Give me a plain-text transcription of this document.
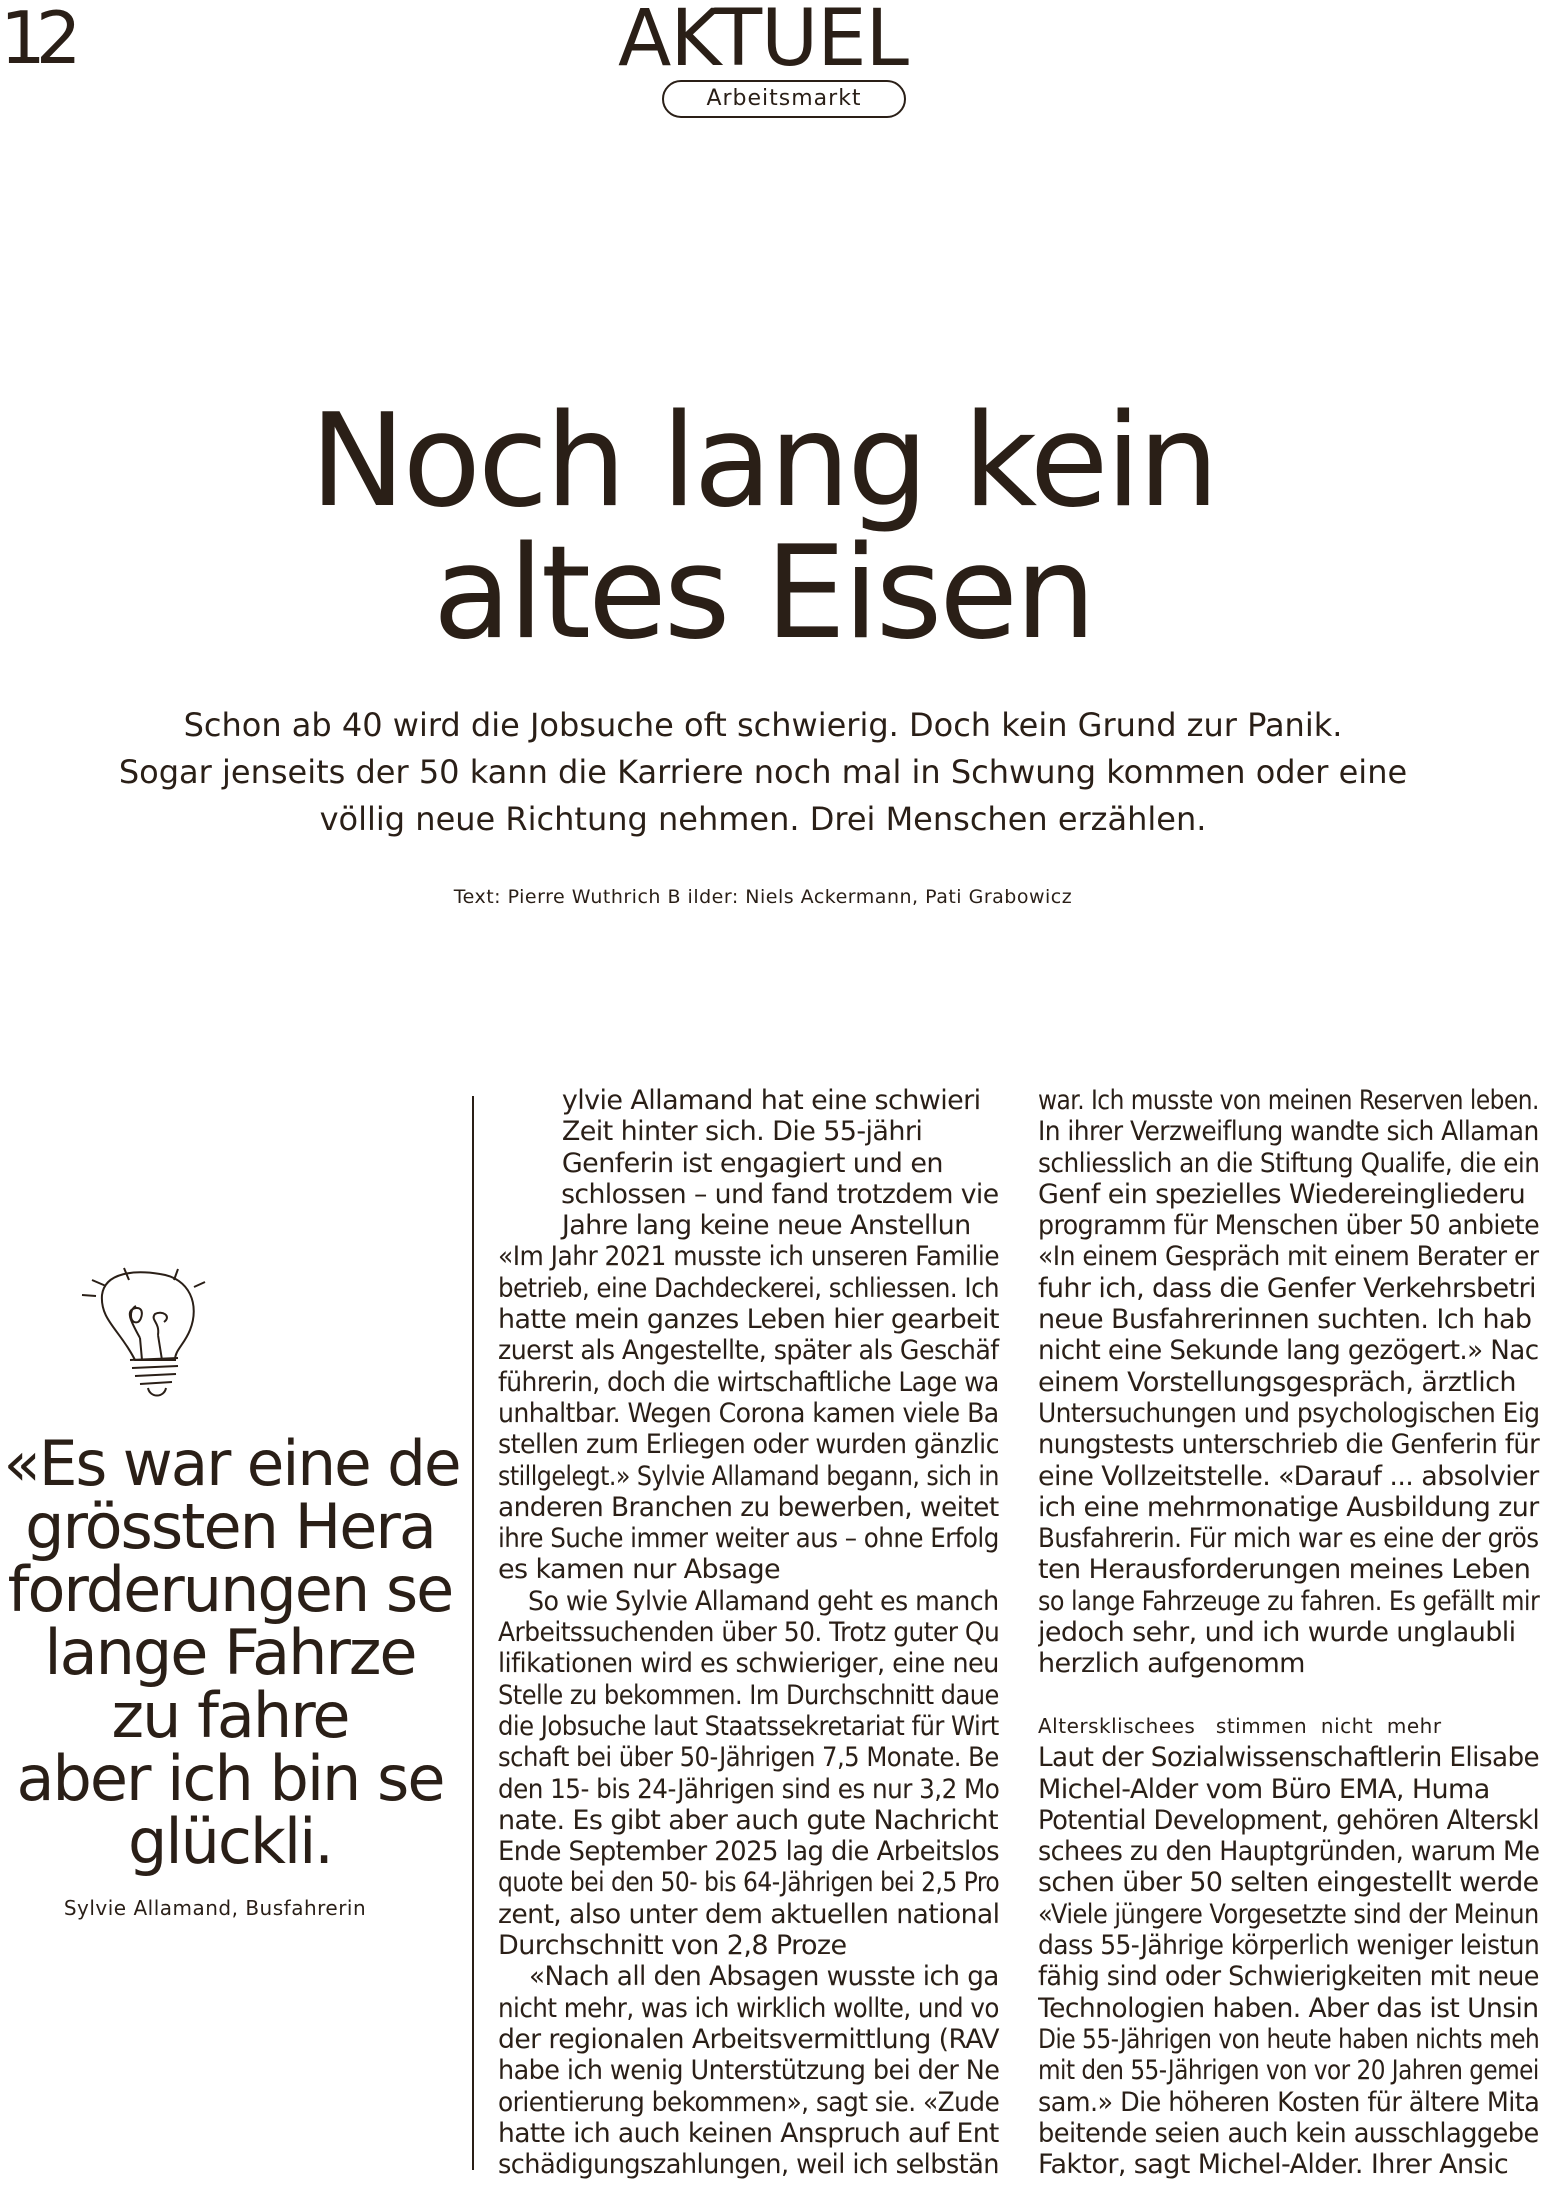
12	AKTUEL
Arbeitsmarkt
Noch lang kein
altes Eisen
Schon ab 40 wird die Jobsuche oft schwierig. Doch kein Grund zur Panik.
Sogar jenseits der 50 kann die Karriere noch mal in Schwung kommen oder eine
völlig neue Richtung nehmen. Drei Menschen erzählen.
Text: Pierre Wuthrich B ilder: Niels Ackermann, Pati Grabowicz
«Es war eine de
grössten Hera
forderungen se
lange Fahrze
zu fahre
aber ich bin se
glückli.
Sylvie Allamand, Busfahrerin
ylvie Allamand hat eine schwieri
Zeit hinter sich. Die 55-jähri
Genferin ist engagiert und en
schlossen – und fand trotzdem vie
Jahre lang keine neue Anstellun
«Im Jahr 2021 musste ich unseren Familie
betrieb, eine Dachdeckerei, schliessen. Ich
hatte mein ganzes Leben hier gearbeit
zuerst als Angestellte, später als Geschäf
führerin, doch die wirtschaftliche Lage wa
unhaltbar. Wegen Corona kamen viele Ba
stellen zum Erliegen oder wurden gänzlic
stillgelegt.» Sylvie Allamand begann, sich in
anderen Branchen zu bewerben, weitet
ihre Suche immer weiter aus – ohne Erfolg
es kamen nur Absage
So wie Sylvie Allamand geht es manch
Arbeitssuchenden über 50. Trotz guter Qu
lifikationen wird es schwieriger, eine neu
Stelle zu bekommen. Im Durchschnitt daue
die Jobsuche laut Staatssekretariat für Wirt
schaft bei über 50-Jährigen 7,5 Monate. Be
den 15- bis 24-Jährigen sind es nur 3,2 Mo
nate. Es gibt aber auch gute Nachricht
Ende September 2025 lag die Arbeitslos
quote bei den 50- bis 64-Jährigen bei 2,5 Pro
zent, also unter dem aktuellen national
Durchschnitt von 2,8 Proze
«Nach all den Absagen wusste ich ga
nicht mehr, was ich wirklich wollte, und vo
der regionalen Arbeitsvermittlung (RAV
habe ich wenig Unterstützung bei der Ne
orientierung bekommen», sagt sie. «Zude
hatte ich auch keinen Anspruch auf Ent
schädigungszahlungen, weil ich selbstän
war. Ich musste von meinen Reserven leben.
In ihrer Verzweiflung wandte sich Allaman
schliesslich an die Stiftung Qualife, die ein
Genf ein spezielles Wiedereingliederu
programm für Menschen über 50 anbiete
«In einem Gespräch mit einem Berater er
fuhr ich, dass die Genfer Verkehrsbetri
neue Busfahrerinnen suchten. Ich hab
nicht eine Sekunde lang gezögert.» Nac
einem Vorstellungsgespräch, ärztlich
Untersuchungen und psychologischen Eig
nungstests unterschrieb die Genferin für
eine Vollzeitstelle. «Darauf ... absolvier
ich eine mehrmonatige Ausbildung zur
Busfahrerin. Für mich war es eine der grös
ten Herausforderungen meines Leben
so lange Fahrzeuge zu fahren. Es gefällt mir
jedoch sehr, und ich wurde unglaubli
herzlich aufgenomm
Altersklischees   stimmen  nicht  mehr
Laut der Sozialwissenschaftlerin Elisabe
Michel-Alder vom Büro EMA, Huma
Potential Development, gehören Alterskl
schees zu den Hauptgründen, warum Me
schen über 50 selten eingestellt werde
«Viele jüngere Vorgesetzte sind der Meinun
dass 55-Jährige körperlich weniger leistun
fähig sind oder Schwierigkeiten mit neue
Technologien haben. Aber das ist Unsin
Die 55-Jährigen von heute haben nichts meh
mit den 55-Jährigen von vor 20 Jahren gemei
sam.» Die höheren Kosten für ältere Mita
beitende seien auch kein ausschlaggebe
Faktor, sagt Michel-Alder. Ihrer Ansic
